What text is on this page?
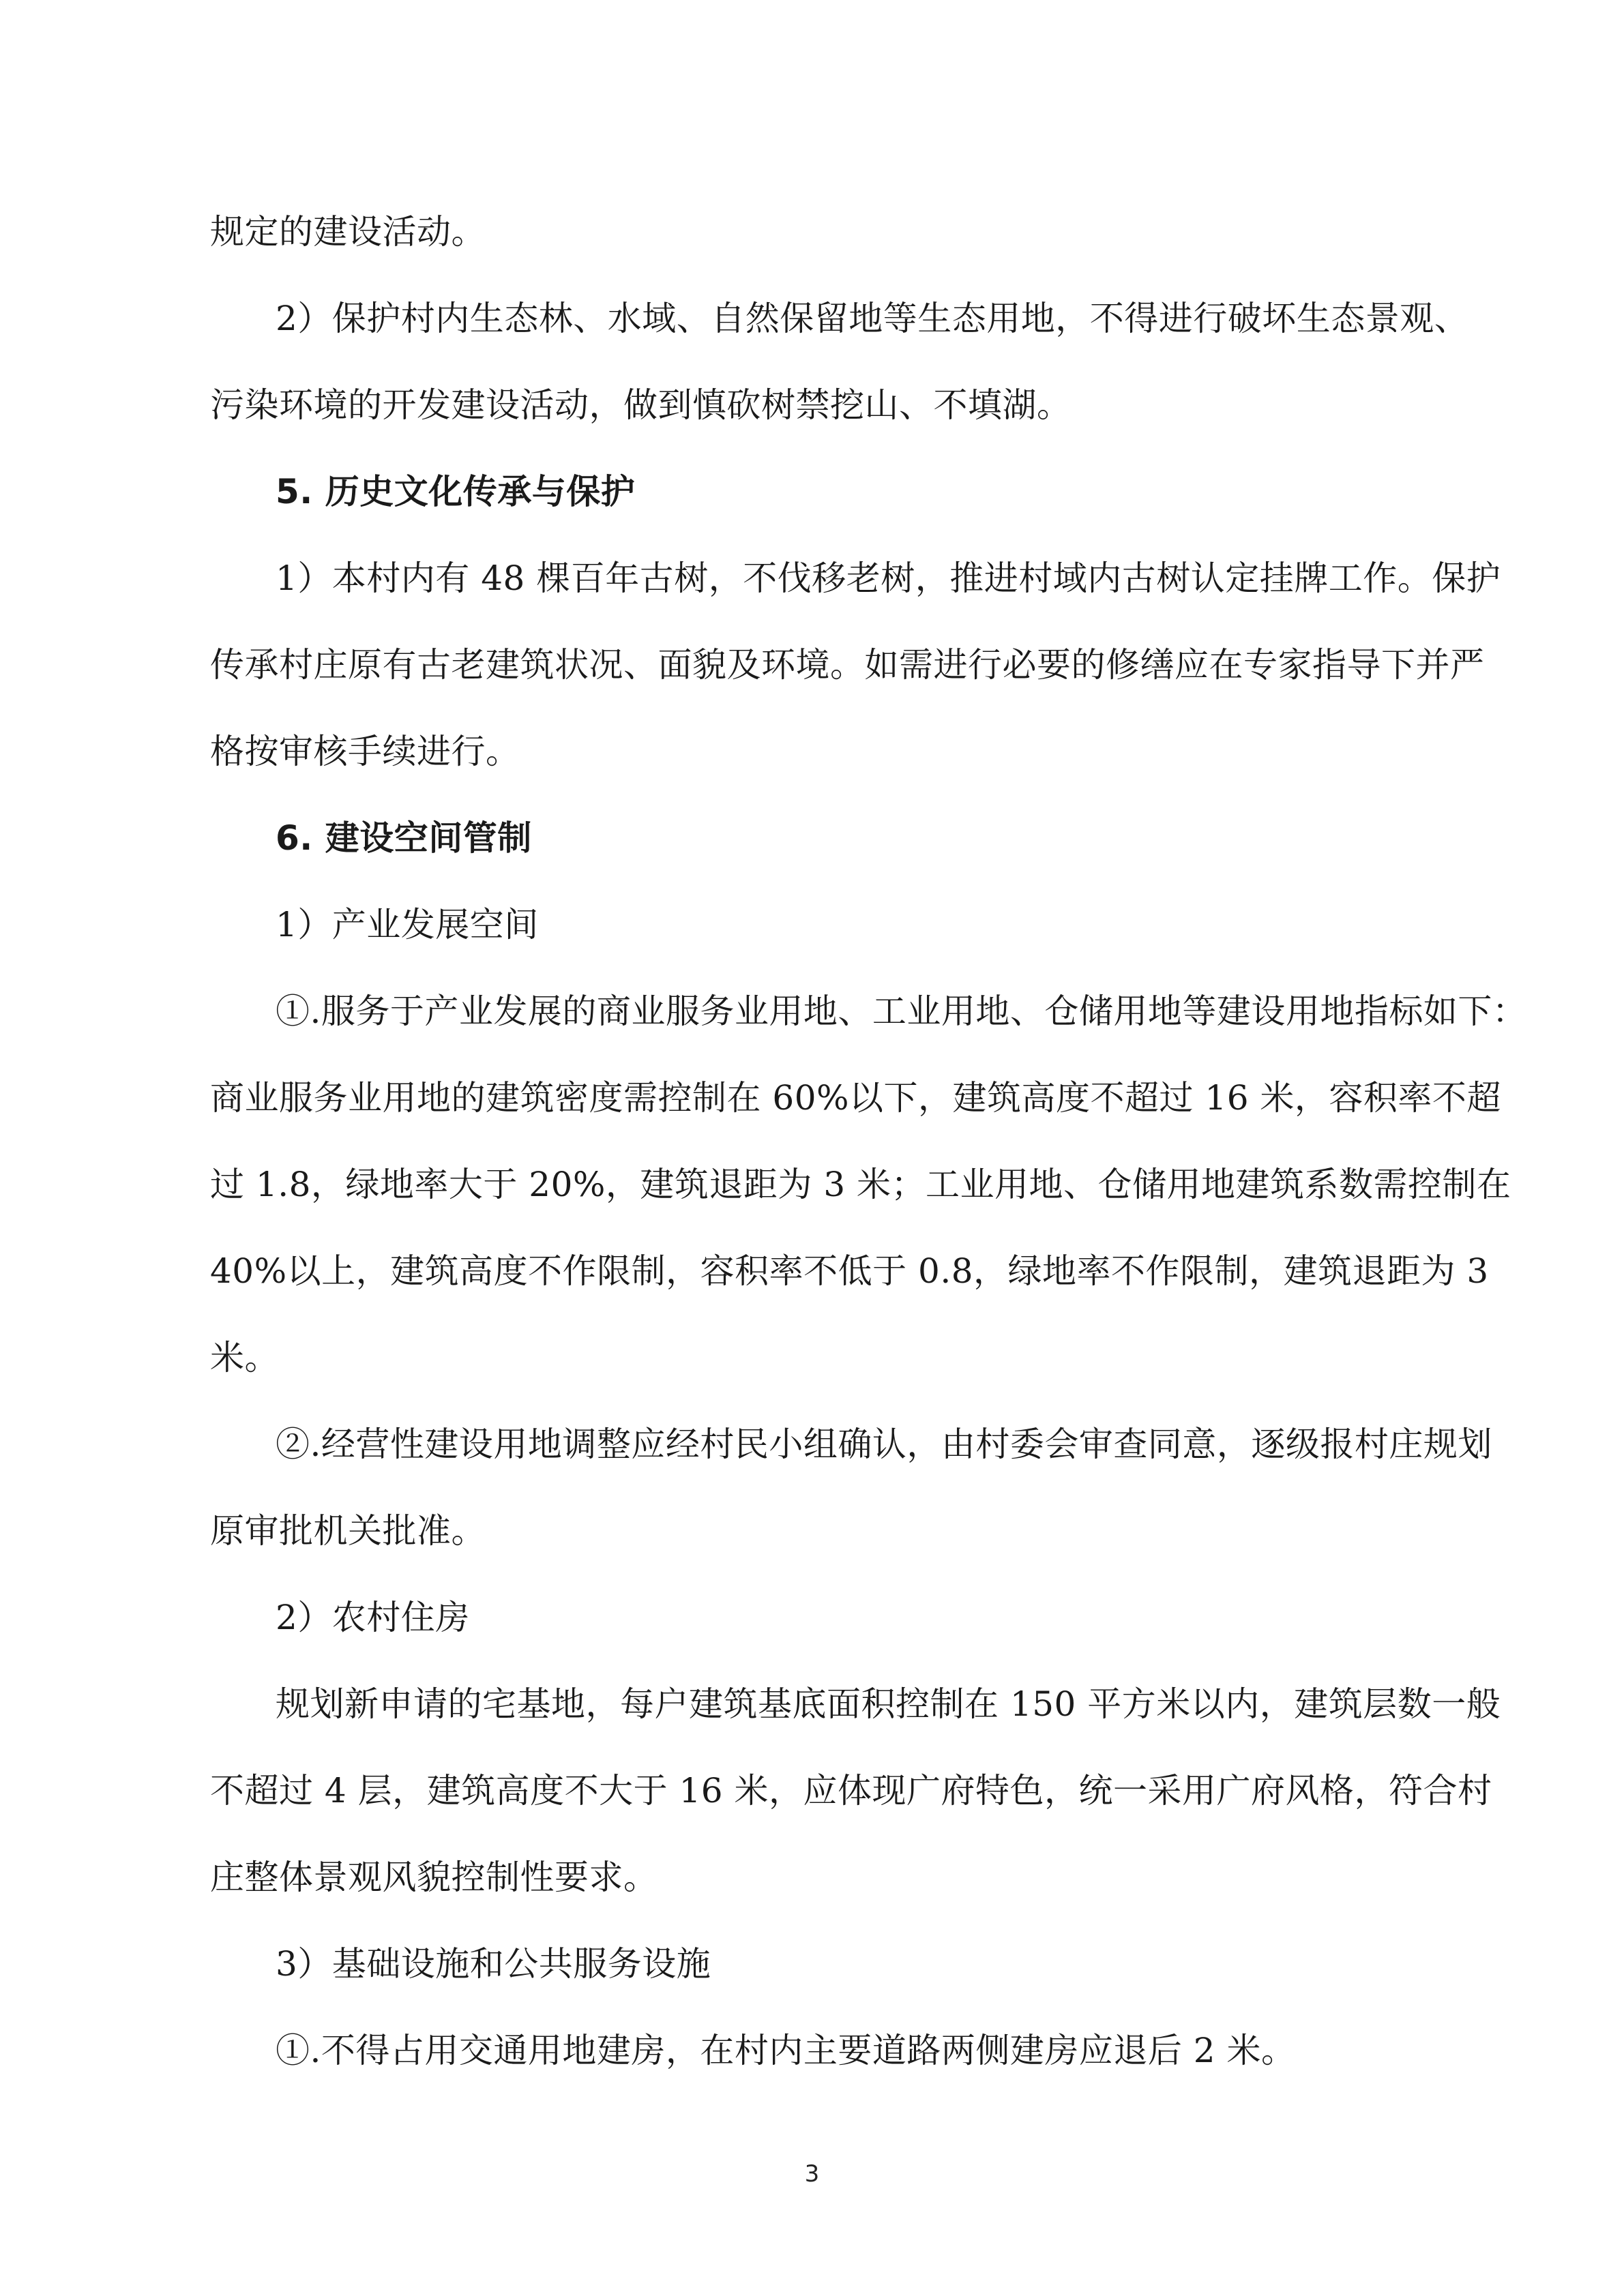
规定的建设活动。
2）保护村内生态林、水域、自然保留地等生态用地，不得进行破坏生态景观、
污染环境的开发建设活动，做到慎砍树禁挖山、不填湖。
5. 历史文化传承与保护
1）本村内有 48 棵百年古树，不伐移老树，推进村域内古树认定挂牌工作。保护
传承村庄原有古老建筑状况、面貌及环境。如需进行必要的修缮应在专家指导下并严
格按审核手续进行。
6. 建设空间管制
1）产业发展空间
①.服务于产业发展的商业服务业用地、工业用地、仓储用地等建设用地指标如下：
商业服务业用地的建筑密度需控制在 60%以下，建筑高度不超过 16 米，容积率不超
过 1.8，绿地率大于 20%，建筑退距为 3 米；工业用地、仓储用地建筑系数需控制在
40%以上，建筑高度不作限制，容积率不低于 0.8，绿地率不作限制，建筑退距为 3
米。
②.经营性建设用地调整应经村民小组确认，由村委会审查同意，逐级报村庄规划
原审批机关批准。
2）农村住房
规划新申请的宅基地，每户建筑基底面积控制在 150 平方米以内，建筑层数一般
不超过 4 层，建筑高度不大于 16 米，应体现广府特色，统一采用广府风格，符合村
庄整体景观风貌控制性要求。
3）基础设施和公共服务设施
①.不得占用交通用地建房，在村内主要道路两侧建房应退后 2 米。
3
